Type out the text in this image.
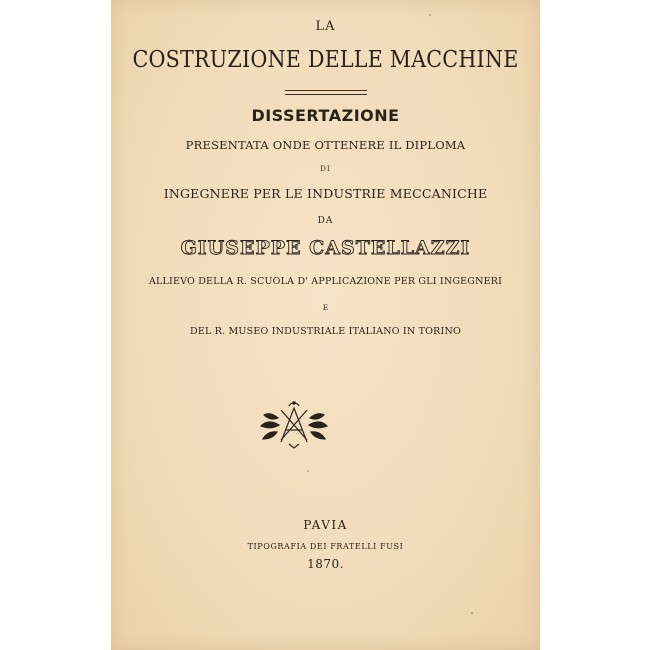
LA
COSTRUZIONE DELLE MACCHINE
DISSERTAZIONE
PRESENTATA ONDE OTTENERE IL DIPLOMA
DI
INGEGNERE PER LE INDUSTRIE MECCANICHE
DA
GIUSEPPE CASTELLAZZI
ALLIEVO DELLA R. SCUOLA D' APPLICAZIONE PER GLI INGEGNERI
E
DEL R. MUSEO INDUSTRIALE ITALIANO IN TORINO
PAVIA
TIPOGRAFIA DEI FRATELLI FUSI
1870.
